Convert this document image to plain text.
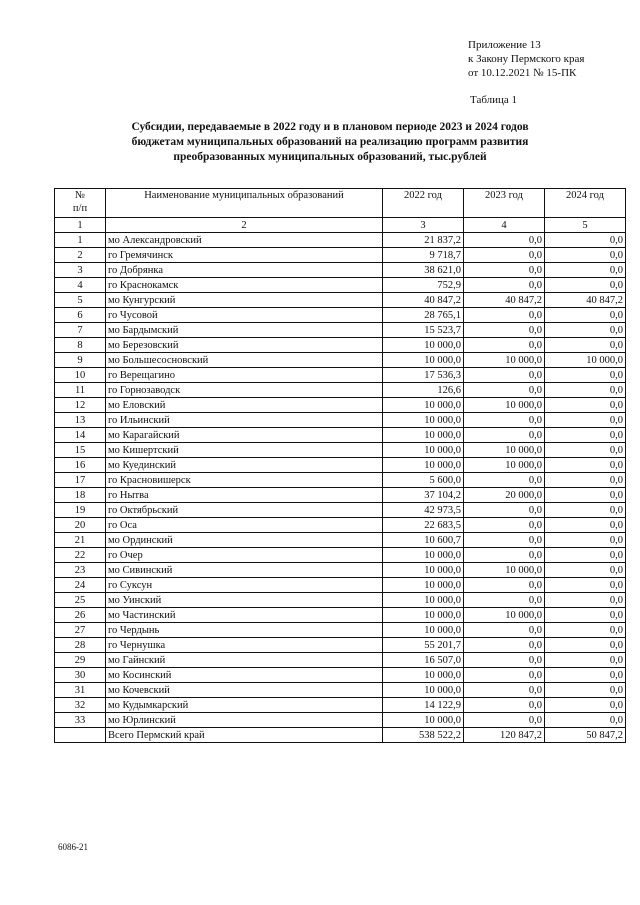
Приложение 13
к Закону Пермского края
от 10.12.2021 № 15-ПК
Таблица 1
Субсидии, передаваемые в 2022 году и в плановом периоде 2023 и 2024 годов
бюджетам муниципальных образований на реализацию программ развития
преобразованных муниципальных образований, тыс.рублей
№
п/п	Наименование муниципальных образований	2022 год	2023 год	2024 год
1	2	3	4	5
1	мо Александровский	21 837,2	0,0	0,0
2	го Гремячинск	9 718,7	0,0	0,0
3	го Добрянка	38 621,0	0,0	0,0
4	го Краснокамск	752,9	0,0	0,0
5	мо Кунгурский	40 847,2	40 847,2	40 847,2
6	го Чусовой	28 765,1	0,0	0,0
7	мо Бардымский	15 523,7	0,0	0,0
8	мо Березовский	10 000,0	0,0	0,0
9	мо Большесосновский	10 000,0	10 000,0	10 000,0
10	го Верещагино	17 536,3	0,0	0,0
11	го Горнозаводск	126,6	0,0	0,0
12	мо Еловский	10 000,0	10 000,0	0,0
13	го Ильинский	10 000,0	0,0	0,0
14	мо Карагайский	10 000,0	0,0	0,0
15	мо Кишертский	10 000,0	10 000,0	0,0
16	мо Куединский	10 000,0	10 000,0	0,0
17	го Красновишерск	5 600,0	0,0	0,0
18	го Нытва	37 104,2	20 000,0	0,0
19	го Октябрьский	42 973,5	0,0	0,0
20	го Оса	22 683,5	0,0	0,0
21	мо Ординский	10 600,7	0,0	0,0
22	го Очер	10 000,0	0,0	0,0
23	мо Сивинский	10 000,0	10 000,0	0,0
24	го Суксун	10 000,0	0,0	0,0
25	мо Уинский	10 000,0	0,0	0,0
26	мо Частинский	10 000,0	10 000,0	0,0
27	го Чердынь	10 000,0	0,0	0,0
28	го Чернушка	55 201,7	0,0	0,0
29	мо Гайнский	16 507,0	0,0	0,0
30	мо Косинский	10 000,0	0,0	0,0
31	мо Кочевский	10 000,0	0,0	0,0
32	мо Кудымкарский	14 122,9	0,0	0,0
33	мо Юрлинский	10 000,0	0,0	0,0
	Всего Пермский край	538 522,2	120 847,2	50 847,2
6086-21
